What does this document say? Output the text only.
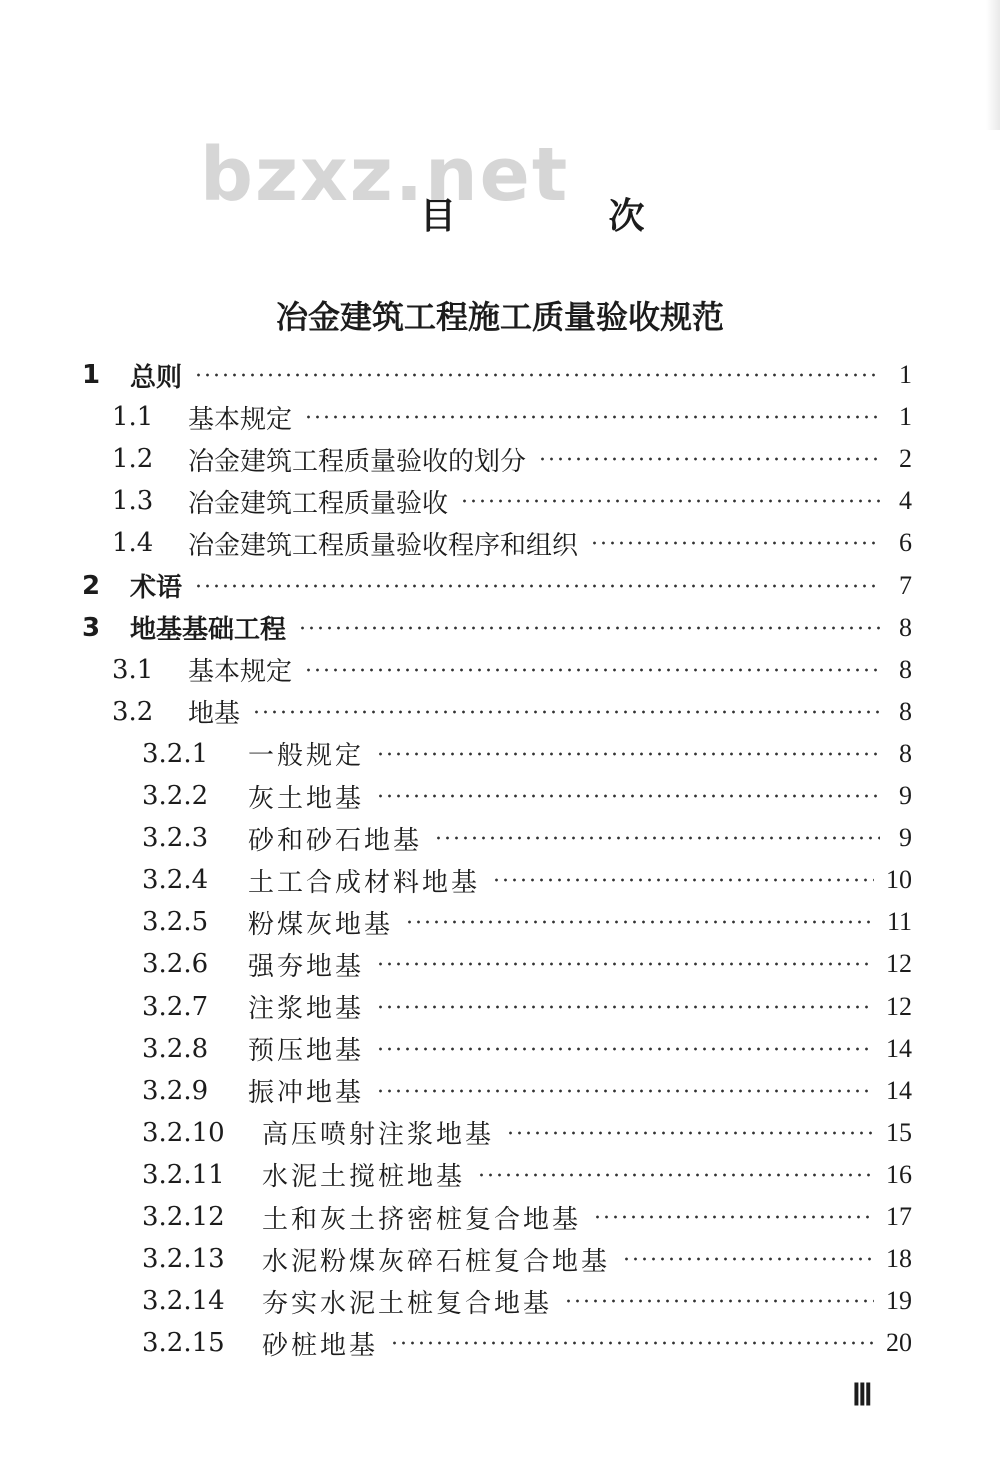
bzxz.net
目 次
冶金建筑工程施工质量验收规范
1	总则	1
1.1	基本规定	1
1.2	冶金建筑工程质量验收的划分	2
1.3	冶金建筑工程质量验收	4
1.4	冶金建筑工程质量验收程序和组织	6
2	术语	7
3	地基基础工程	8
3.1	基本规定	8
3.2	地基	8
3.2.1	一般规定	8
3.2.2	灰土地基	9
3.2.3	砂和砂石地基	9
3.2.4	土工合成材料地基	10
3.2.5	粉煤灰地基	11
3.2.6	强夯地基	12
3.2.7	注浆地基	12
3.2.8	预压地基	14
3.2.9	振冲地基	14
3.2.10	高压喷射注浆地基	15
3.2.11	水泥土搅桩地基	16
3.2.12	土和灰土挤密桩复合地基	17
3.2.13	水泥粉煤灰碎石桩复合地基	18
3.2.14	夯实水泥土桩复合地基	19
3.2.15	砂桩地基	20
Ⅲ
